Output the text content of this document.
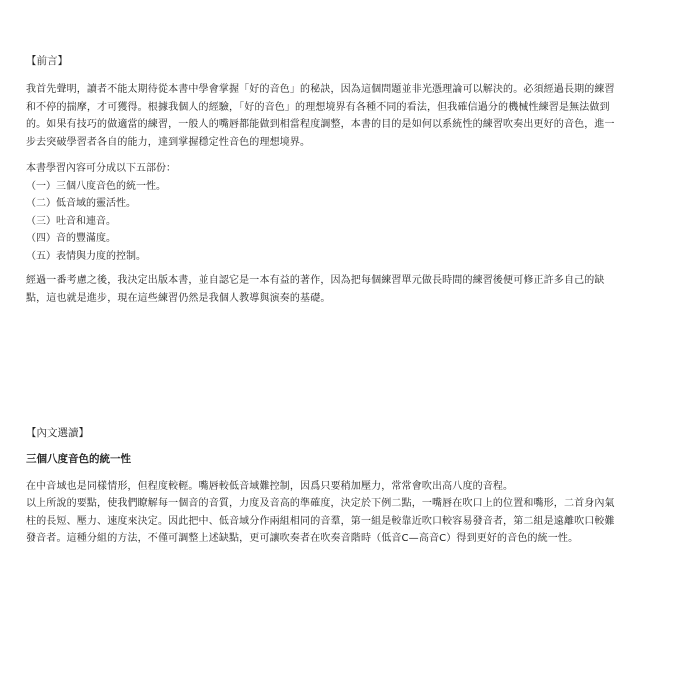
【前言】
我首先聲明，讀者不能太期待從本書中學會掌握「好的音色」的秘訣，因為這個問題並非光憑理論可以解決的。必須經過長期的練習
和不停的揣摩，才可獲得。根據我個人的經驗，「好的音色」的理想境界有各種不同的看法，但我確信過分的機械性練習是無法做到
的。如果有技巧的做適當的練習，一般人的嘴唇都能做到相當程度調整，本書的目的是如何以系統性的練習吹奏出更好的音色，進一
步去突破學習者各自的能力，達到掌握穩定性音色的理想境界。
本書學習內容可分成以下五部份：
（一）三個八度音色的統一性。
（二）低音域的靈活性。
（三）吐音和連音。
（四）音的豐滿度。
（五）表情與力度的控制。
經過一番考慮之後，我決定出版本書，並自認它是一本有益的著作，因為把每個練習單元做長時間的練習後便可修正許多自己的缺
點，這也就是進步，現在這些練習仍然是我個人教導與演奏的基礎。
【內文選讀】
三個八度音色的統一性
在中音域也是同樣情形，但程度較輕。嘴唇較低音域難控制，因爲只要稍加壓力，常常會吹出高八度的音程。
以上所說的要點，使我們瞭解每一個音的音質，力度及音高的準確度，決定於下例二點，一嘴唇在吹口上的位置和嘴形，二首身內氣
柱的長短、壓力、速度來決定。因此把中、低音域分作兩組相同的音羣，第一組是較靠近吹口較容易發音者，第二組是遠離吹口較難
發音者。這種分組的方法，不僅可調整上述缺點，更可讓吹奏者在吹奏音階時（低音C—高音C）得到更好的音色的統一性。
